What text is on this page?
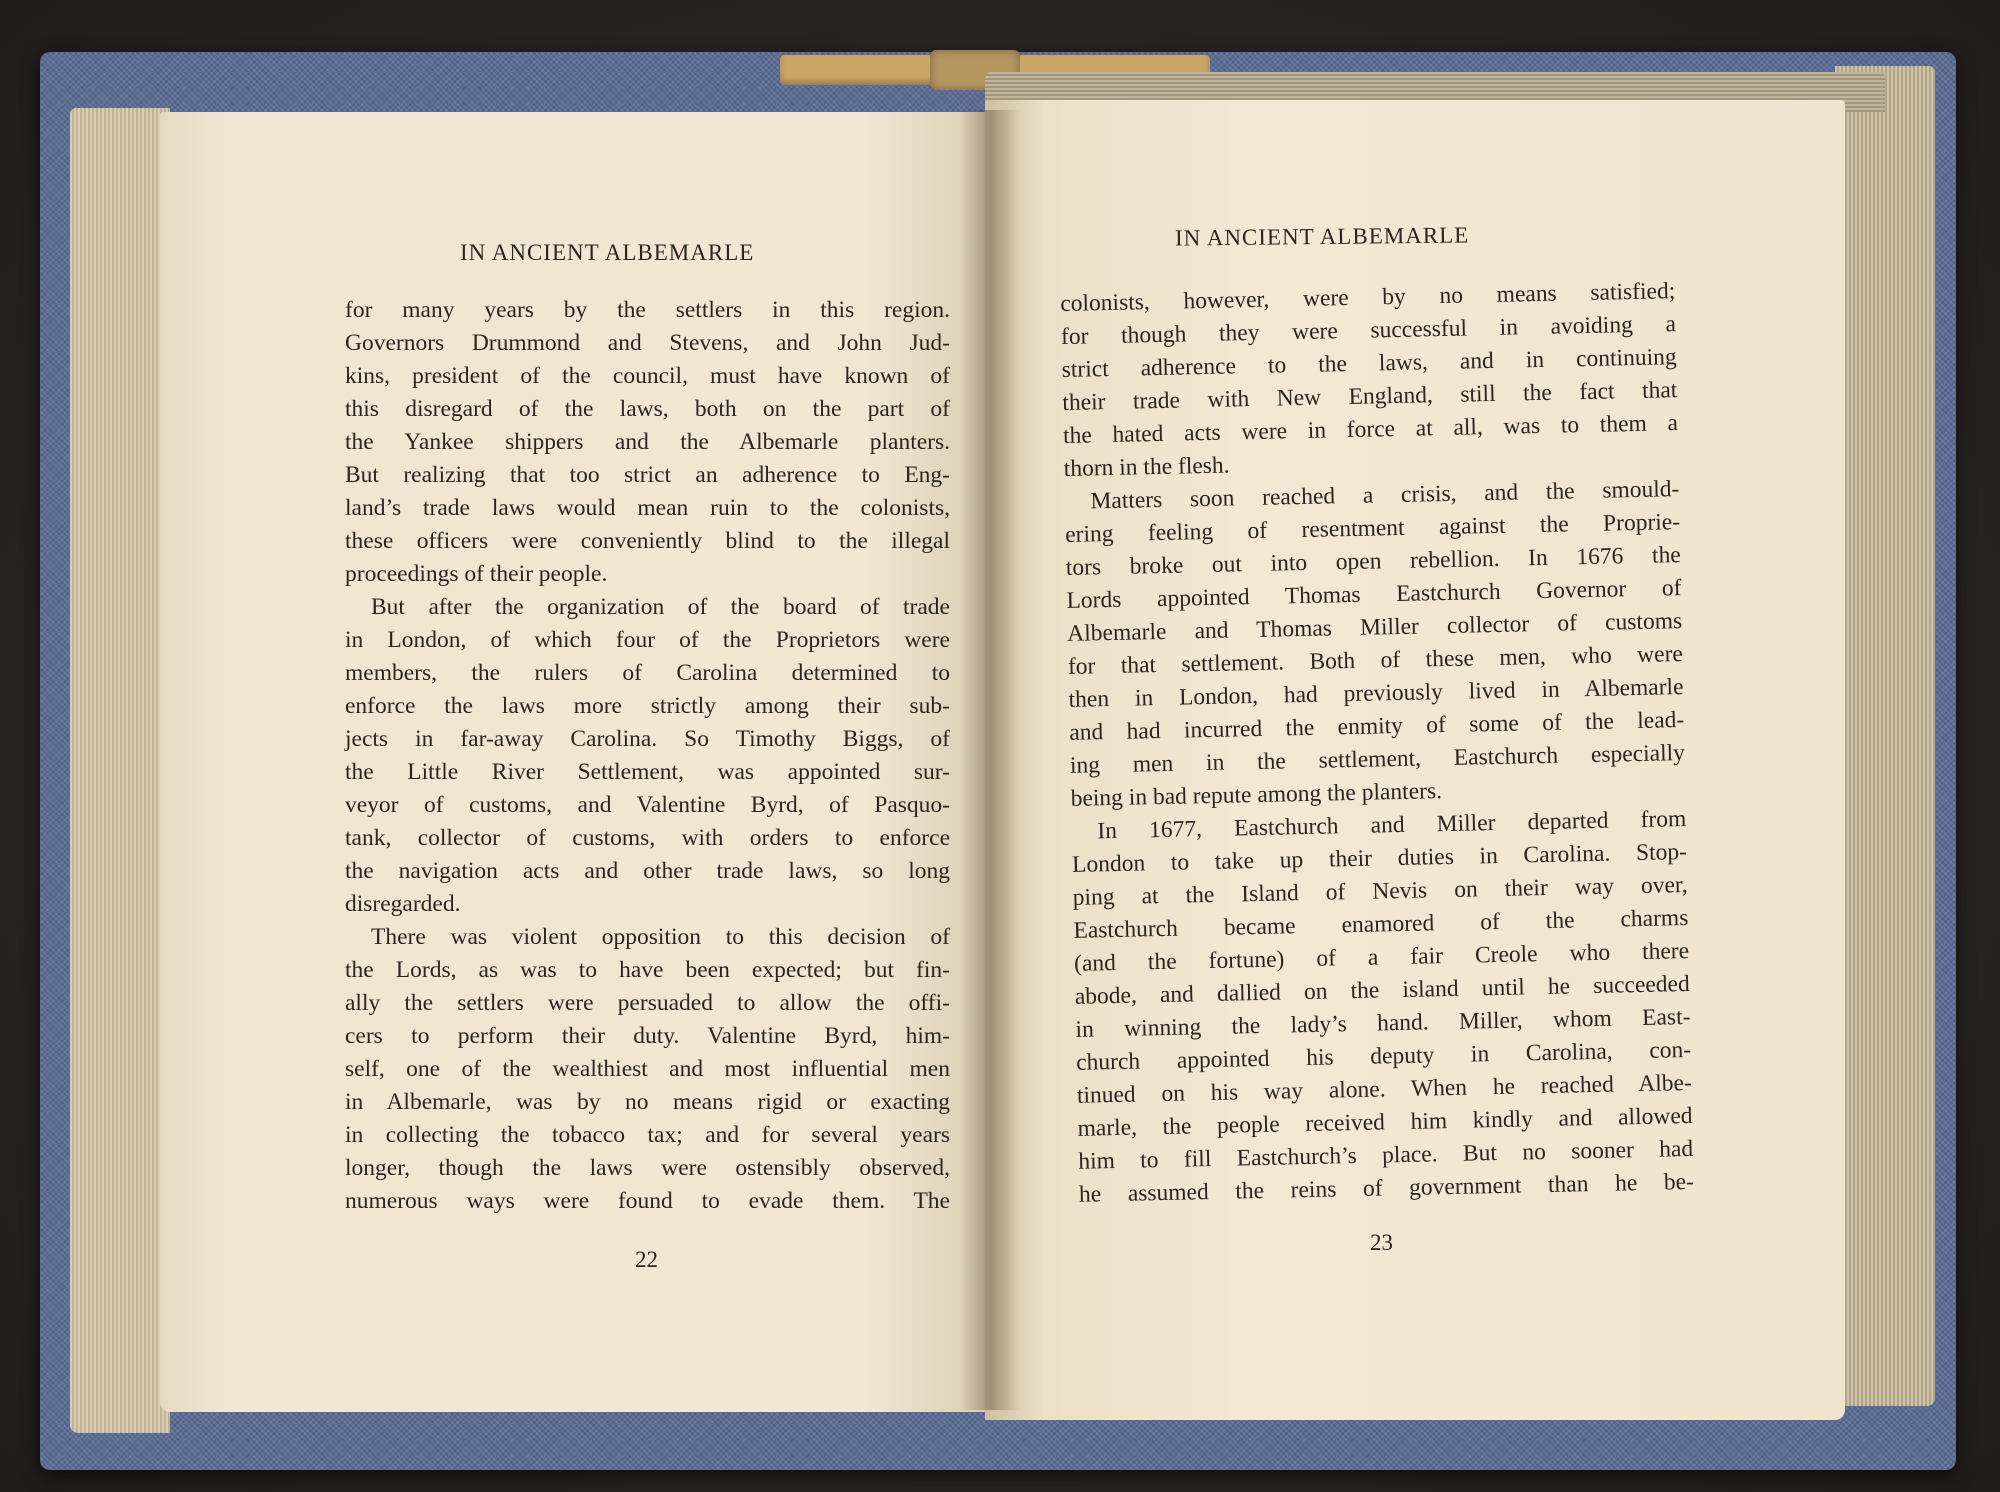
IN ANCIENT ALBEMARLE
for many years by the settlers in this region.
Governors Drummond and Stevens, and John Jud-
kins, president of the council, must have known of
this disregard of the laws, both on the part of
the Yankee shippers and the Albemarle planters.
But realizing that too strict an adherence to Eng-
land’s trade laws would mean ruin to the colonists,
these officers were conveniently blind to the illegal
proceedings of their people.
But after the organization of the board of trade
in London, of which four of the Proprietors were
members, the rulers of Carolina determined to
enforce the laws more strictly among their sub-
jects in far-away Carolina. So Timothy Biggs, of
the Little River Settlement, was appointed sur-
veyor of customs, and Valentine Byrd, of Pasquo-
tank, collector of customs, with orders to enforce
the navigation acts and other trade laws, so long
disregarded.
There was violent opposition to this decision of
the Lords, as was to have been expected; but fin-
ally the settlers were persuaded to allow the offi-
cers to perform their duty. Valentine Byrd, him-
self, one of the wealthiest and most influential men
in Albemarle, was by no means rigid or exacting
in collecting the tobacco tax; and for several years
longer, though the laws were ostensibly observed,
numerous ways were found to evade them. The
22
IN ANCIENT ALBEMARLE
colonists, however, were by no means satisfied;
for though they were successful in avoiding a
strict adherence to the laws, and in continuing
their trade with New England, still the fact that
the hated acts were in force at all, was to them a
thorn in the flesh.
Matters soon reached a crisis, and the smould-
ering feeling of resentment against the Proprie-
tors broke out into open rebellion. In 1676 the
Lords appointed Thomas Eastchurch Governor of
Albemarle and Thomas Miller collector of customs
for that settlement. Both of these men, who were
then in London, had previously lived in Albemarle
and had incurred the enmity of some of the lead-
ing men in the settlement, Eastchurch especially
being in bad repute among the planters.
In 1677, Eastchurch and Miller departed from
London to take up their duties in Carolina. Stop-
ping at the Island of Nevis on their way over,
Eastchurch became enamored of the charms
(and the fortune) of a fair Creole who there
abode, and dallied on the island until he succeeded
in winning the lady’s hand. Miller, whom East-
church appointed his deputy in Carolina, con-
tinued on his way alone. When he reached Albe-
marle, the people received him kindly and allowed
him to fill Eastchurch’s place. But no sooner had
he assumed the reins of government than he be-
23
